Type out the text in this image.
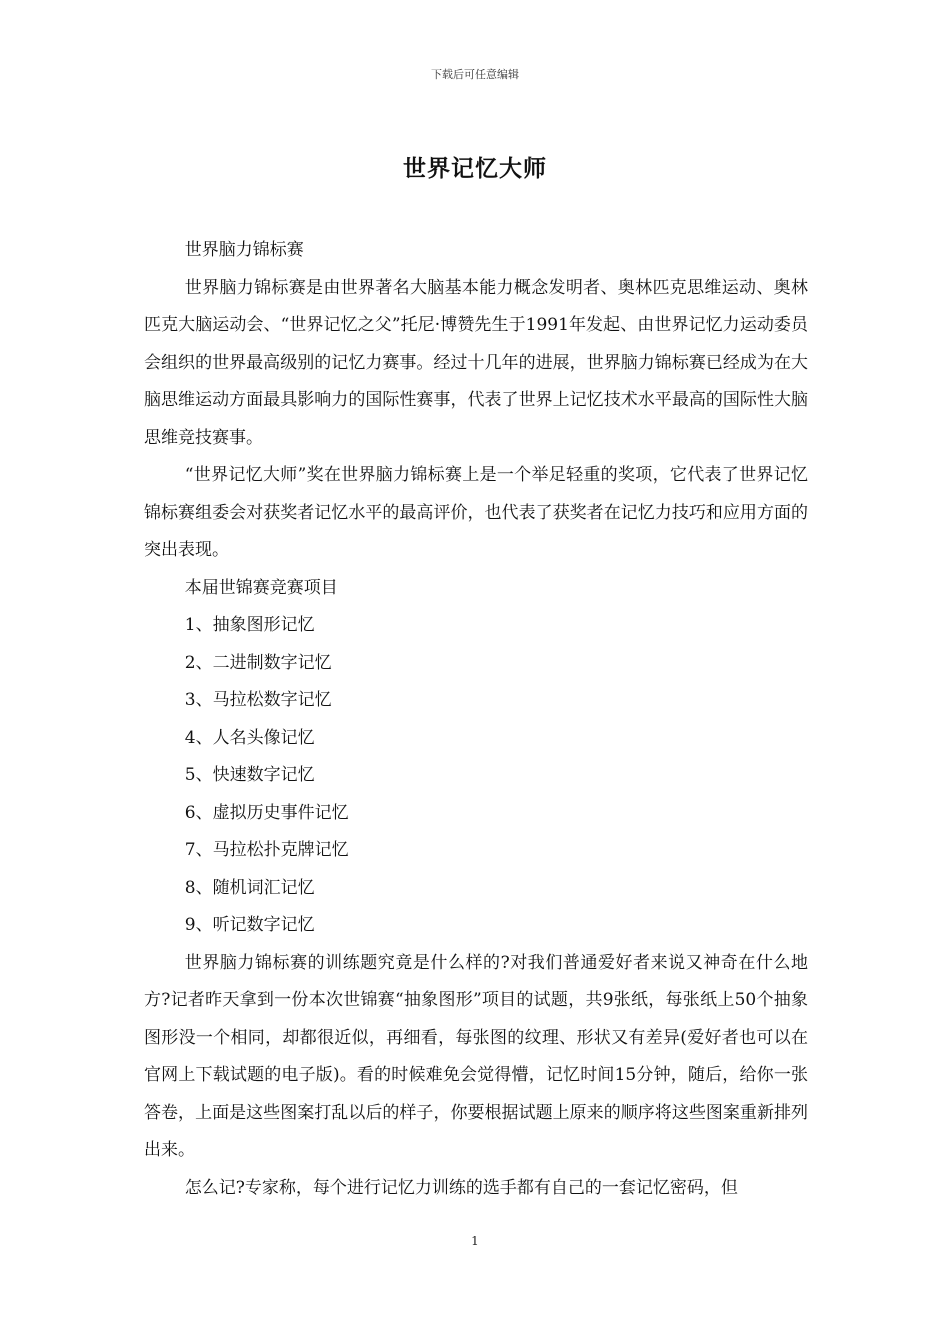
下载后可任意编辑
世界记忆大师
世界脑力锦标赛

世界脑力锦标赛是由世界著名大脑基本能力概念发明者、奥林匹克思维运动、奥林匹克大脑运动会、“世界记忆之父”托尼·博赞先生于1991年发起、由世界记忆力运动委员会组织的世界最高级别的记忆力赛事。经过十几年的进展，世界脑力锦标赛已经成为在大脑思维运动方面最具影响力的国际性赛事，代表了世界上记忆技术水平最高的国际性大脑思维竞技赛事。

“世界记忆大师”奖在世界脑力锦标赛上是一个举足轻重的奖项，它代表了世界记忆锦标赛组委会对获奖者记忆水平的最高评价，也代表了获奖者在记忆力技巧和应用方面的突出表现。

本届世锦赛竞赛项目
1、抽象图形记忆
2、二进制数字记忆
3、马拉松数字记忆
4、人名头像记忆
5、快速数字记忆
6、虚拟历史事件记忆
7、马拉松扑克牌记忆
8、随机词汇记忆
9、听记数字记忆

世界脑力锦标赛的训练题究竟是什么样的?对我们普通爱好者来说又神奇在什么地方?记者昨天拿到一份本次世锦赛“抽象图形”项目的试题，共9张纸，每张纸上50个抽象图形没一个相同，却都很近似，再细看，每张图的纹理、形状又有差异(爱好者也可以在官网上下载试题的电子版)。看的时候难免会觉得懵，记忆时间15分钟，随后，给你一张答卷，上面是这些图案打乱以后的样子，你要根据试题上原来的顺序将这些图案重新排列出来。

怎么记?专家称，每个进行记忆力训练的选手都有自己的一套记忆密码，但

1
